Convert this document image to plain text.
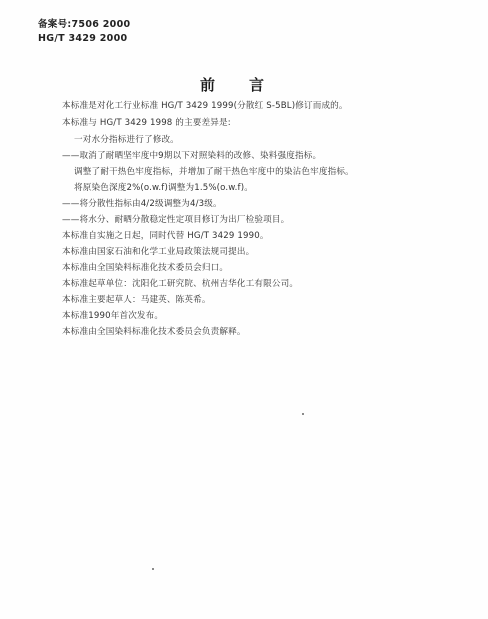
备案号:7506 2000
HG/T 3429 2000
前言
本标准是对化工行业标准 HG/T 3429 1999(分散红 S-5BL)修订而成的。
本标准与 HG/T 3429 1998 的主要差异是:
一对水分指标进行了修改。
——取消了耐晒坚牢度中9期以下对照染料的改修、染料强度指标。
调整了耐干热色牢度指标，并增加了耐干热色牢度中的染沾色牢度指标。
将原染色深度2%(o.w.f)调整为1.5%(o.w.f)。
——将分散性指标由4/2级调整为4/3级。
——将水分、耐晒分散稳定性定项目修订为出厂检验项目。
本标准自实施之日起，同时代替 HG/T 3429 1990。
本标准由国家石油和化学工业局政策法规司提出。
本标准由全国染料标准化技术委员会归口。
本标准起草单位：沈阳化工研究院、杭州吉华化工有限公司。
本标准主要起草人：马建英、陈英希。
本标准1990年首次发布。
本标准由全国染料标准化技术委员会负责解释。
